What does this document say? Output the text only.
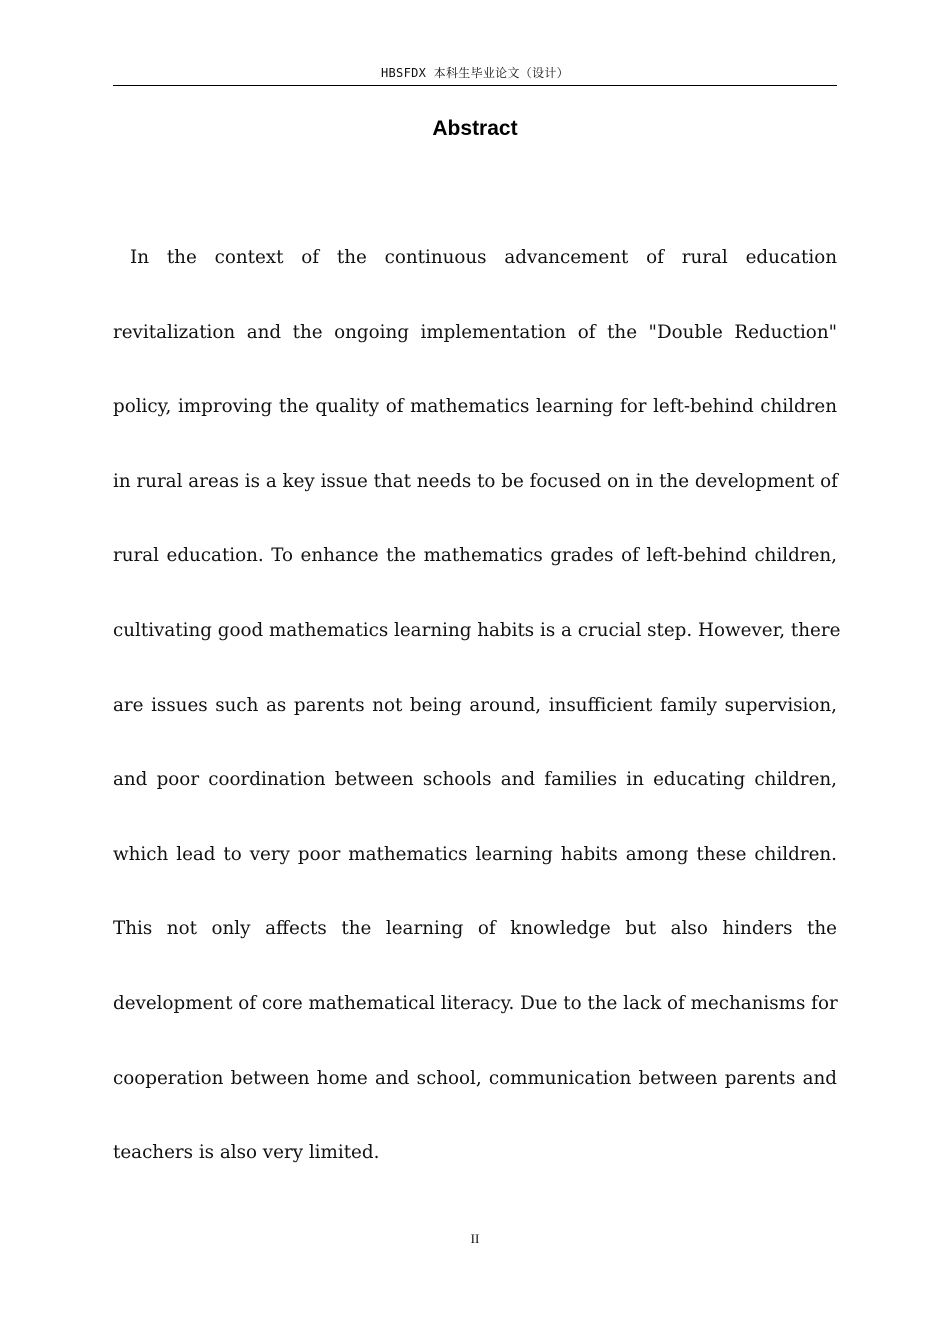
HBSFDX 本科生毕业论文（设计）
Abstract
In the context of the continuous advancement of rural education
revitalization and the ongoing implementation of the "Double Reduction"
policy, improving the quality of mathematics learning for left-behind children
in rural areas is a key issue that needs to be focused on in the development of
rural education. To enhance the mathematics grades of left-behind children,
cultivating good mathematics learning habits is a crucial step. However, there
are issues such as parents not being around, insufficient family supervision,
and poor coordination between schools and families in educating children,
which lead to very poor mathematics learning habits among these children.
This not only affects the learning of knowledge but also hinders the
development of core mathematical literacy. Due to the lack of mechanisms for
cooperation between home and school, communication between parents and
teachers is also very limited.
II
